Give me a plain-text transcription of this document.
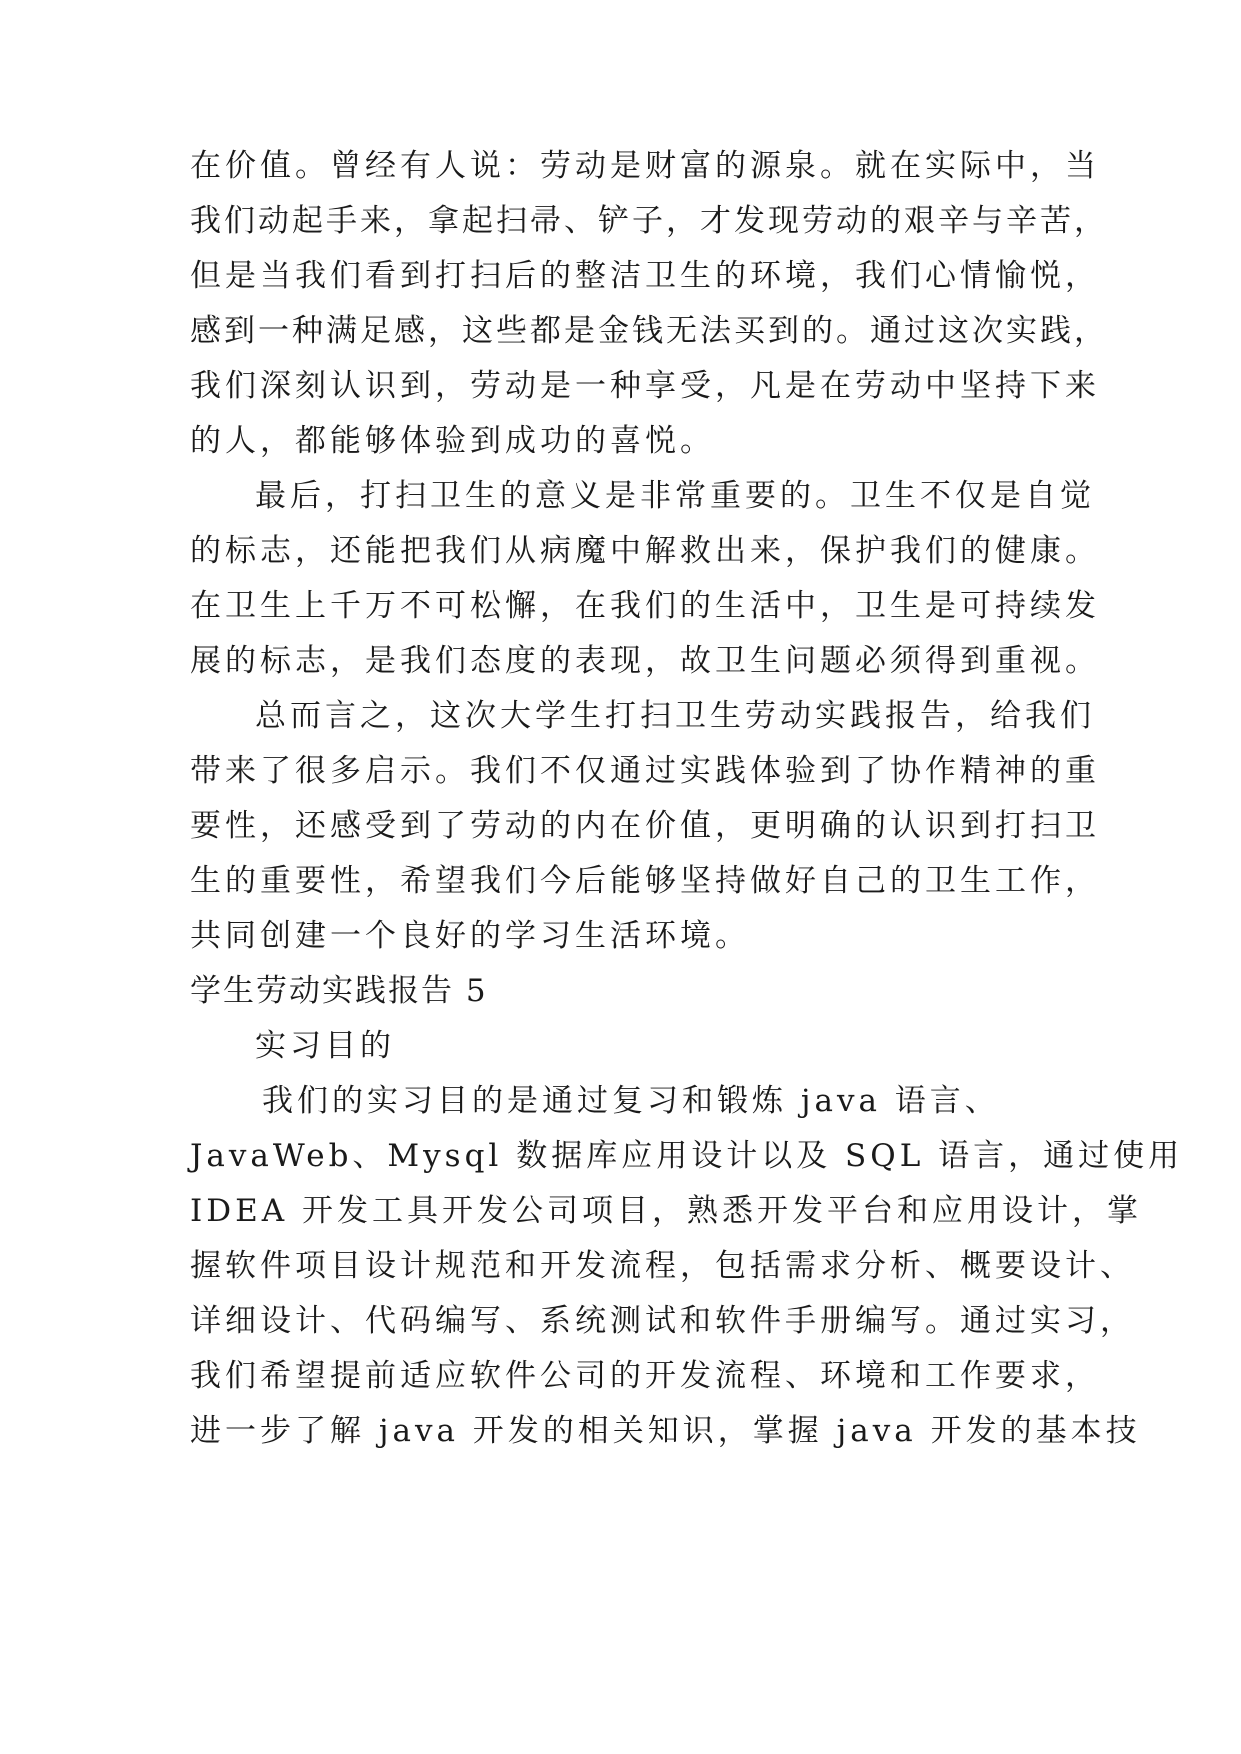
在价值。曾经有人说：劳动是财富的源泉。就在实际中，当
我们动起手来，拿起扫帚、铲子，才发现劳动的艰辛与辛苦，
但是当我们看到打扫后的整洁卫生的环境，我们心情愉悦，
感到一种满足感，这些都是金钱无法买到的。通过这次实践，
我们深刻认识到，劳动是一种享受，凡是在劳动中坚持下来
的人，都能够体验到成功的喜悦。
最后，打扫卫生的意义是非常重要的。卫生不仅是自觉
的标志，还能把我们从病魔中解救出来，保护我们的健康。
在卫生上千万不可松懈，在我们的生活中，卫生是可持续发
展的标志，是我们态度的表现，故卫生问题必须得到重视。
总而言之，这次大学生打扫卫生劳动实践报告，给我们
带来了很多启示。我们不仅通过实践体验到了协作精神的重
要性，还感受到了劳动的内在价值，更明确的认识到打扫卫
生的重要性，希望我们今后能够坚持做好自己的卫生工作，
共同创建一个良好的学习生活环境。
学生劳动实践报告 5
实习目的
我们的实习目的是通过复习和锻炼 java 语言、
JavaWeb、Mysql 数据库应用设计以及 SQL 语言，通过使用
IDEA 开发工具开发公司项目，熟悉开发平台和应用设计，掌
握软件项目设计规范和开发流程，包括需求分析、概要设计、
详细设计、代码编写、系统测试和软件手册编写。通过实习，
我们希望提前适应软件公司的开发流程、环境和工作要求，
进一步了解 java 开发的相关知识，掌握 java 开发的基本技
